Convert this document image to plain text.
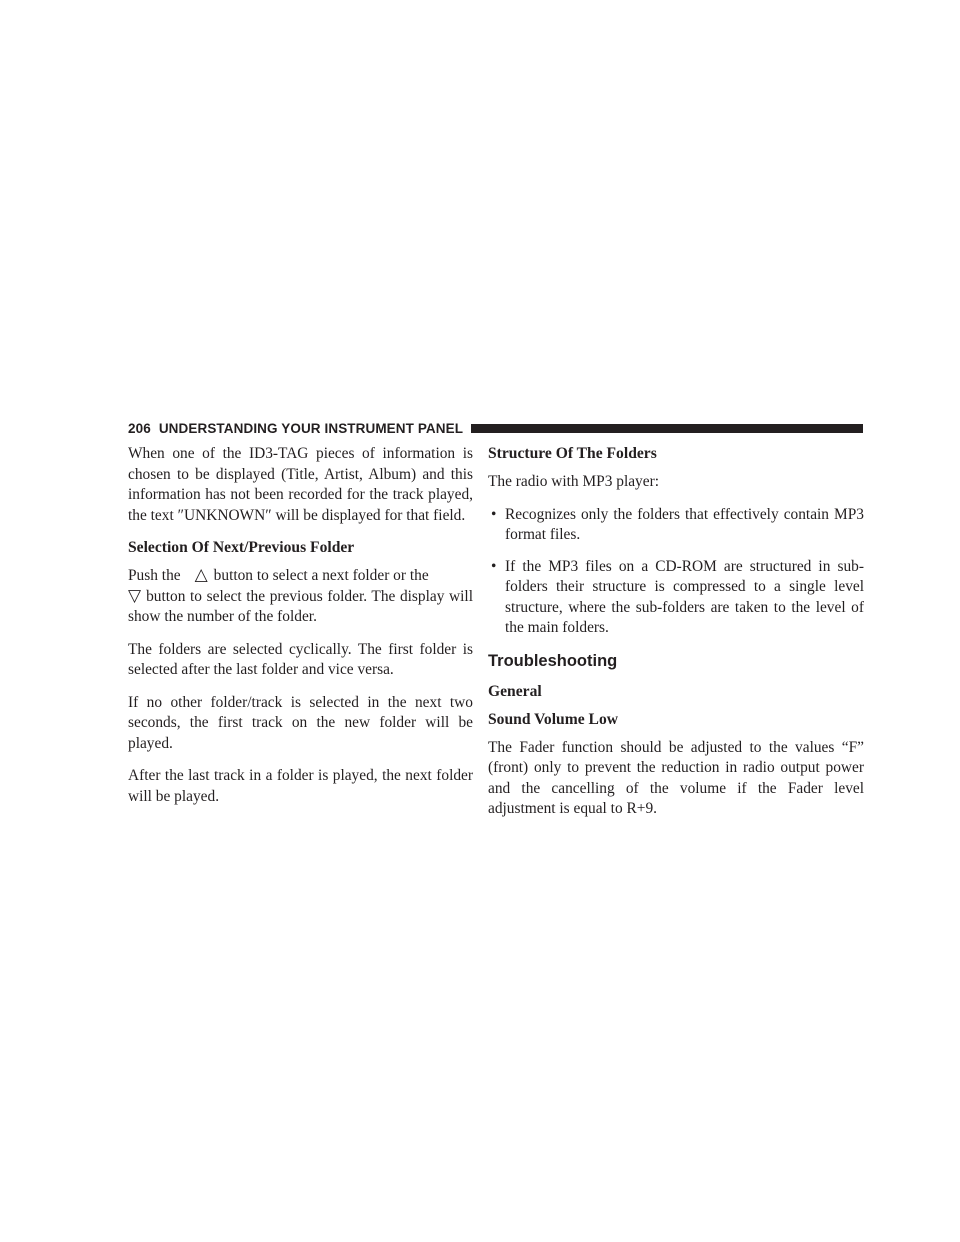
206 UNDERSTANDING YOUR INSTRUMENT PANEL

When one of the ID3-TAG pieces of information is chosen to be displayed (Title, Artist, Album) and this information has not been recorded for the track played, the text ″UNKNOWN″ will be displayed for that field.

Selection Of Next/Previous Folder

Push the △ button to select a next folder or the
▽ button to select the previous folder. The display will show the number of the folder.

The folders are selected cyclically. The first folder is selected after the last folder and vice versa.

If no other folder/track is selected in the next two seconds, the first track on the new folder will be played.

After the last track in a folder is played, the next folder will be played.

Structure Of The Folders

The radio with MP3 player:

• Recognizes only the folders that effectively contain MP3 format files.
• If the MP3 files on a CD-ROM are structured in sub-folders their structure is compressed to a single level structure, where the sub-folders are taken to the level of the main folders.
Troubleshooting
General
Sound Volume Low

The Fader function should be adjusted to the values “F” (front) only to prevent the reduction in radio output power and the cancelling of the volume if the Fader level adjustment is equal to R+9.
